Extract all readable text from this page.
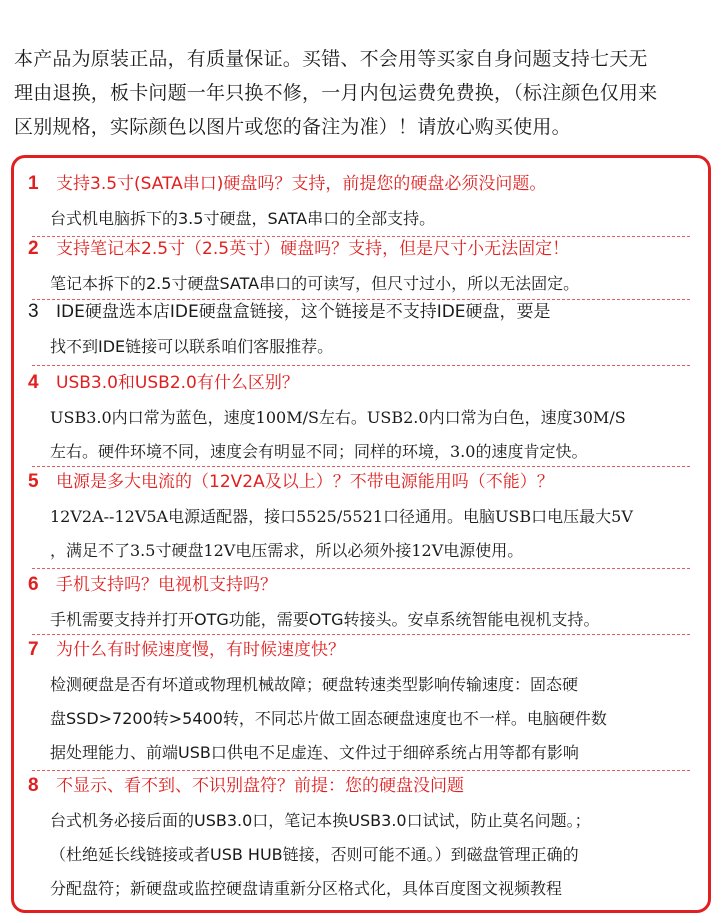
本产品为原装正品，有质量保证。买错、不会用等买家自身问题支持七天无

理由退换，板卡问题一年只换不修，一月内包运费免费换，（标注颜色仅用来

区别规格，实际颜色以图片或您的备注为准）！请放心购买使用。

1 支持3.5寸(SATA串口)硬盘吗？支持，前提您的硬盘必须没问题。
台式机电脑拆下的3.5寸硬盘，SATA串口的全部支持。
2 支持笔记本2.5寸（2.5英寸）硬盘吗？支持，但是尺寸小无法固定！
笔记本拆下的2.5寸硬盘SATA串口的可读写，但尺寸过小，所以无法固定。
3 IDE硬盘选本店IDE硬盘盒链接，这个链接是不支持IDE硬盘，要是
找不到IDE链接可以联系咱们客服推荐。
4 USB3.0和USB2.0有什么区别？
USB3.0内口常为蓝色，速度100M/S左右。USB2.0内口常为白色，速度30M/S
左右。硬件环境不同，速度会有明显不同；同样的环境，3.0的速度肯定快。
5 电源是多大电流的（12V2A及以上）？不带电源能用吗（不能）？
12V2A--12V5A电源适配器，接口5525/5521口径通用。电脑USB口电压最大5V
，满足不了3.5寸硬盘12V电压需求，所以必须外接12V电源使用。
6 手机支持吗？电视机支持吗？
手机需要支持并打开OTG功能，需要OTG转接头。安卓系统智能电视机支持。
7 为什么有时候速度慢，有时候速度快？
检测硬盘是否有坏道或物理机械故障；硬盘转速类型影响传输速度：固态硬
盘SSD>7200转>5400转，不同芯片做工固态硬盘速度也不一样。电脑硬件数
据处理能力、前端USB口供电不足虚连、文件过于细碎系统占用等都有影响
8 不显示、看不到、不识别盘符？前提：您的硬盘没问题
台式机务必接后面的USB3.0口，笔记本换USB3.0口试试，防止莫名问题。；
（杜绝延长线链接或者USB HUB链接，否则可能不通。）到磁盘管理正确的
分配盘符；新硬盘或监控硬盘请重新分区格式化，具体百度图文视频教程
